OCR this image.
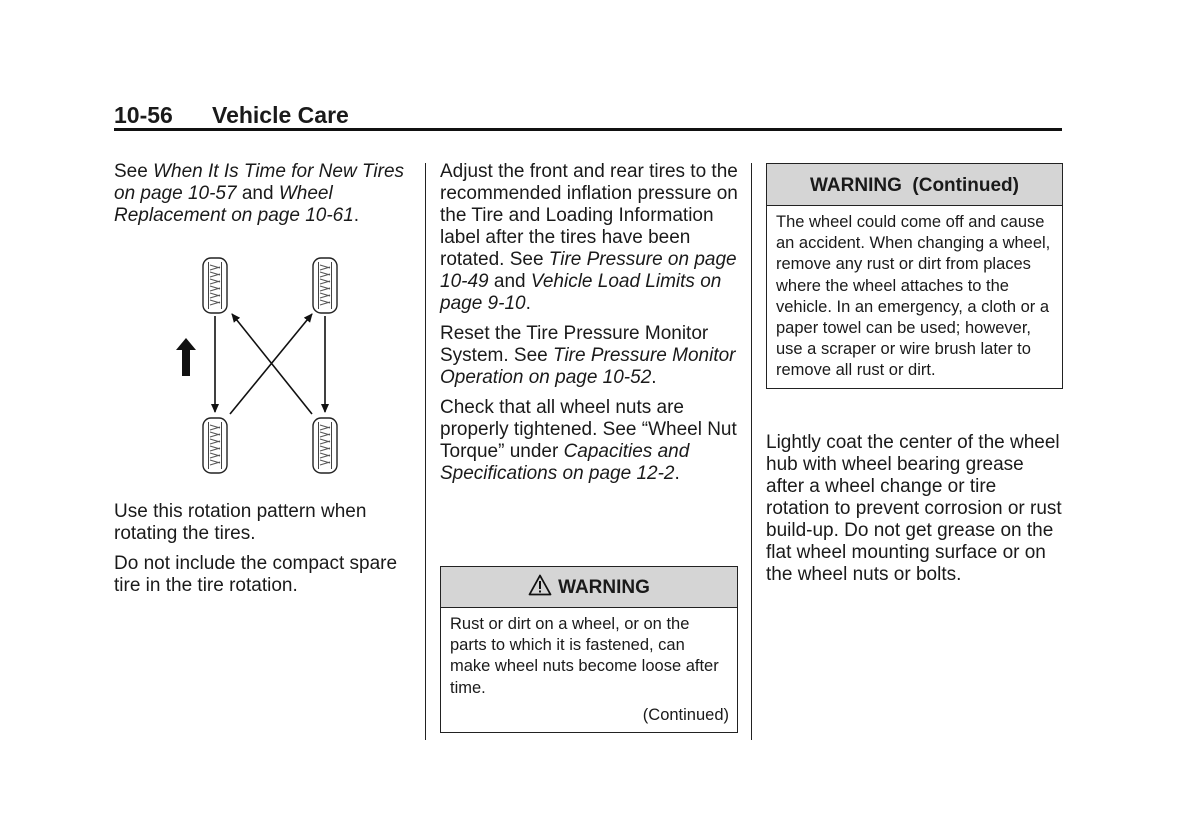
10-56 Vehicle Care

See When It Is Time for New Tires on page 10-57 and Wheel Replacement on page 10-61.

Use this rotation pattern when rotating the tires.

Do not include the compact spare tire in the tire rotation.

Adjust the front and rear tires to the recommended inflation pressure on the Tire and Loading Information label after the tires have been rotated. See Tire Pressure on page 10-49 and Vehicle Load Limits on page 9-10.

Reset the Tire Pressure Monitor System. See Tire Pressure Monitor Operation on page 10-52.

Check that all wheel nuts are properly tightened. See “Wheel Nut Torque” under Capacities and Specifications on page 12-2.

WARNING
Rust or dirt on a wheel, or on the parts to which it is fastened, can make wheel nuts become loose after time.
(Continued)
WARNING  (Continued)
The wheel could come off and cause an accident. When changing a wheel, remove any rust or dirt from places where the wheel attaches to the vehicle. In an emergency, a cloth or a paper towel can be used; however, use a scraper or wire brush later to remove all rust or dirt.

Lightly coat the center of the wheel hub with wheel bearing grease after a wheel change or tire rotation to prevent corrosion or rust build-up. Do not get grease on the flat wheel mounting surface or on the wheel nuts or bolts.
